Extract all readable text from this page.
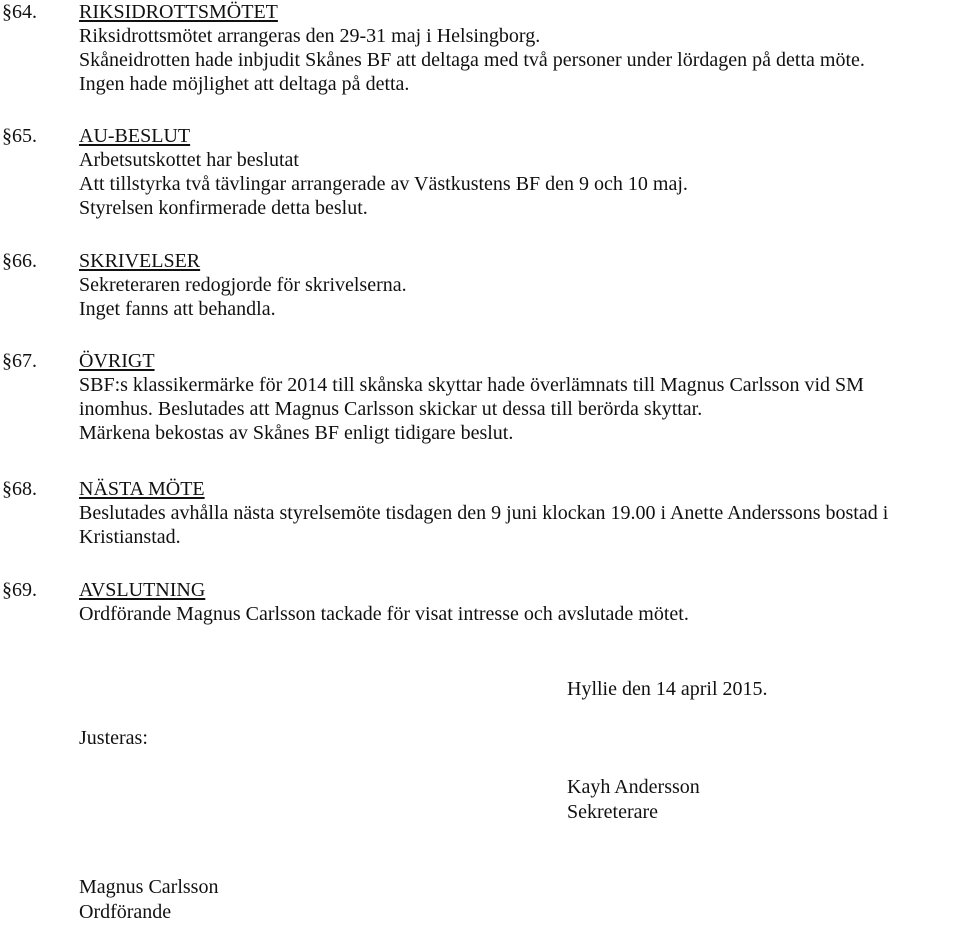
§64. RIKSIDROTTSMÖTET
Riksidrottsmötet arrangeras den 29-31 maj i Helsingborg.
Skåneidrotten hade inbjudit Skånes BF att deltaga med två personer under lördagen på detta möte.
Ingen hade möjlighet att deltaga på detta.
§65. AU-BESLUT
Arbetsutskottet har beslutat
Att tillstyrka två tävlingar arrangerade av Västkustens BF den 9 och 10 maj.
Styrelsen konfirmerade detta beslut.
§66. SKRIVELSER
Sekreteraren redogjorde för skrivelserna.
Inget fanns att behandla.
§67. ÖVRIGT
SBF:s klassikermärke för 2014 till skånska skyttar hade överlämnats till Magnus Carlsson vid SM
inomhus. Beslutades att Magnus Carlsson skickar ut dessa till berörda skyttar.
Märkena bekostas av Skånes BF enligt tidigare beslut.
§68. NÄSTA MÖTE
Beslutades avhålla nästa styrelsemöte tisdagen den 9 juni klockan 19.00 i Anette Anderssons bostad i
Kristianstad.
§69. AVSLUTNING
Ordförande Magnus Carlsson tackade för visat intresse och avslutade mötet.
Hyllie den 14 april 2015.
Justeras:
Kayh Andersson
Sekreterare
Magnus Carlsson
Ordförande
